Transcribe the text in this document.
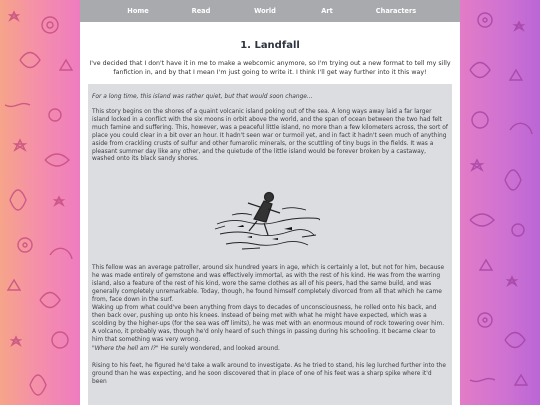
Home	Read	World	Art	Characters
1. Landfall
I've decided that I don't have it in me to make a webcomic anymore, so I'm trying out a new format to tell my silly fanfiction in, and by that I mean I'm just going to write it. I think I'll get way further into it this way!

For a long time, this island was rather quiet, but that would soon change...

This story begins on the shores of a quaint volcanic island poking out of the sea. A long ways away laid a far larger island locked in a conflict with the six moons in orbit above the world, and the span of ocean between the two had felt much famine and suffering. This, however, was a peaceful little island, no more than a few kilometers across, the sort of place you could clear in a bit over an hour. It hadn't seen war or turmoil yet, and in fact it hadn't seen much of anything aside from crackling crusts of sulfur and other fumarolic minerals, or the scuttling of tiny bugs in the fields. It was a pleasant summer day like any other, and the quietude of the little island would be forever broken by a castaway, washed onto its black sandy shores.

This fellow was an average patroller, around six hundred years in age, which is certainly a lot, but not for him, because he was made entirely of gemstone and was effectively immortal, as with the rest of his kind. He was from the warring island, also a feature of the rest of his kind, wore the same clothes as all of his peers, had the same build, and was generally completely unremarkable. Today, though, he found himself completely divorced from all that which he came from, face down in the surf.

Waking up from what could've been anything from days to decades of unconsciousness, he rolled onto his back, and then back over, pushing up onto his knees. Instead of being met with what he might have expected, which was a scolding by the higher-ups (for the sea was off limits), he was met with an enormous mound of rock towering over him. A volcano, it probably was, though he'd only heard of such things in passing during his schooling. It became clear to him that something was very wrong.

"Where the hell am I?" He surely wondered, and looked around.

Rising to his feet, he figured he'd take a walk around to investigate. As he tried to stand, his leg lurched further into the ground than he was expecting, and he soon discovered that in place of one of his feet was a sharp spike where it'd been
